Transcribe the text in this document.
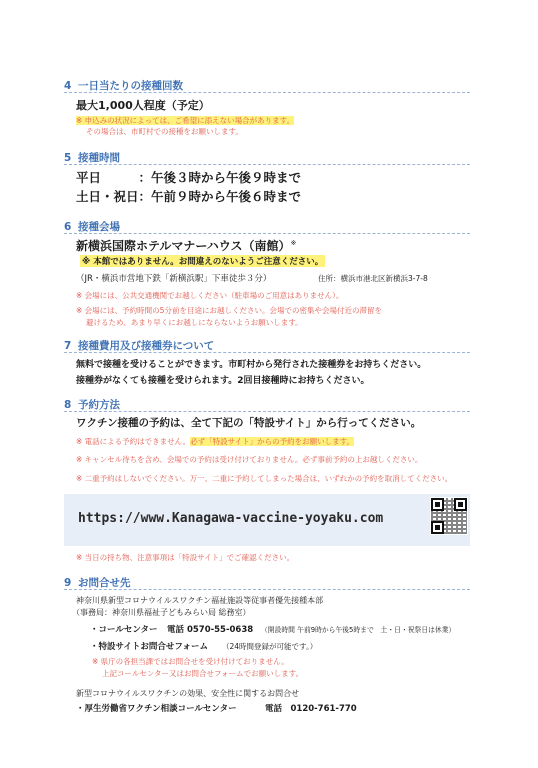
4 一日当たりの接種回数
最大1,000人程度（予定）
※ 申込みの状況によっては、ご希望に添えない場合があります。
その場合は、市町村での接種をお願いします。
5 接種時間
平日　　　：午後３時から午後９時まで
土日・祝日：午前９時から午後６時まで
6 接種会場
新横浜国際ホテルマナーハウス（南館）※
※ 本館ではありません。お間違えのないようご注意ください。
（JR・横浜市営地下鉄「新横浜駅」下車徒歩３分）	住所：横浜市港北区新横浜3-7-8
※ 会場には、公共交通機関でお越しください（駐車場のご用意はありません）。
※ 会場には、予約時間の5分前を目途にお越しください。会場での密集や会場付近の滞留を
避けるため、あまり早くにお越しにならないようお願いします。
7 接種費用及び接種券について
無料で接種を受けることができます。市町村から発行された接種券をお持ちください。
接種券がなくても接種を受けられます。2回目接種時にお持ちください。
8 予約方法
ワクチン接種の予約は、全て下記の「特設サイト」から行ってください。
※ 電話による予約はできません。必ず「特設サイト」からの予約をお願いします。
※ キャンセル待ちを含め、会場での予約は受け付けておりません。必ず事前予約の上お越しください。
※ 二重予約はしないでください。万一、二重に予約してしまった場合は、いずれかの予約を取消してください。
https://www.Kanagawa-vaccine-yoyaku.com
※ 当日の持ち物、注意事項は「特設サイト」でご確認ください。
9 お問合せ先
神奈川県新型コロナウイルスワクチン福祉施設等従事者優先接種本部
（事務局：神奈川県福祉子どもみらい局 総務室）
・コールセンター 電話 0570-55-0638 （開設時間 午前9時から午後5時まで　土・日・祝祭日は休業）
・特設サイトお問合せフォーム （24時間登録が可能です。）
※ 県庁の各担当課ではお問合せを受け付けておりません。
上記コールセンター又はお問合せフォームでお願いします。
新型コロナウイルスワクチンの効果、安全性に関するお問合せ
・厚生労働省ワクチン相談コールセンター	電話　0120-761-770
